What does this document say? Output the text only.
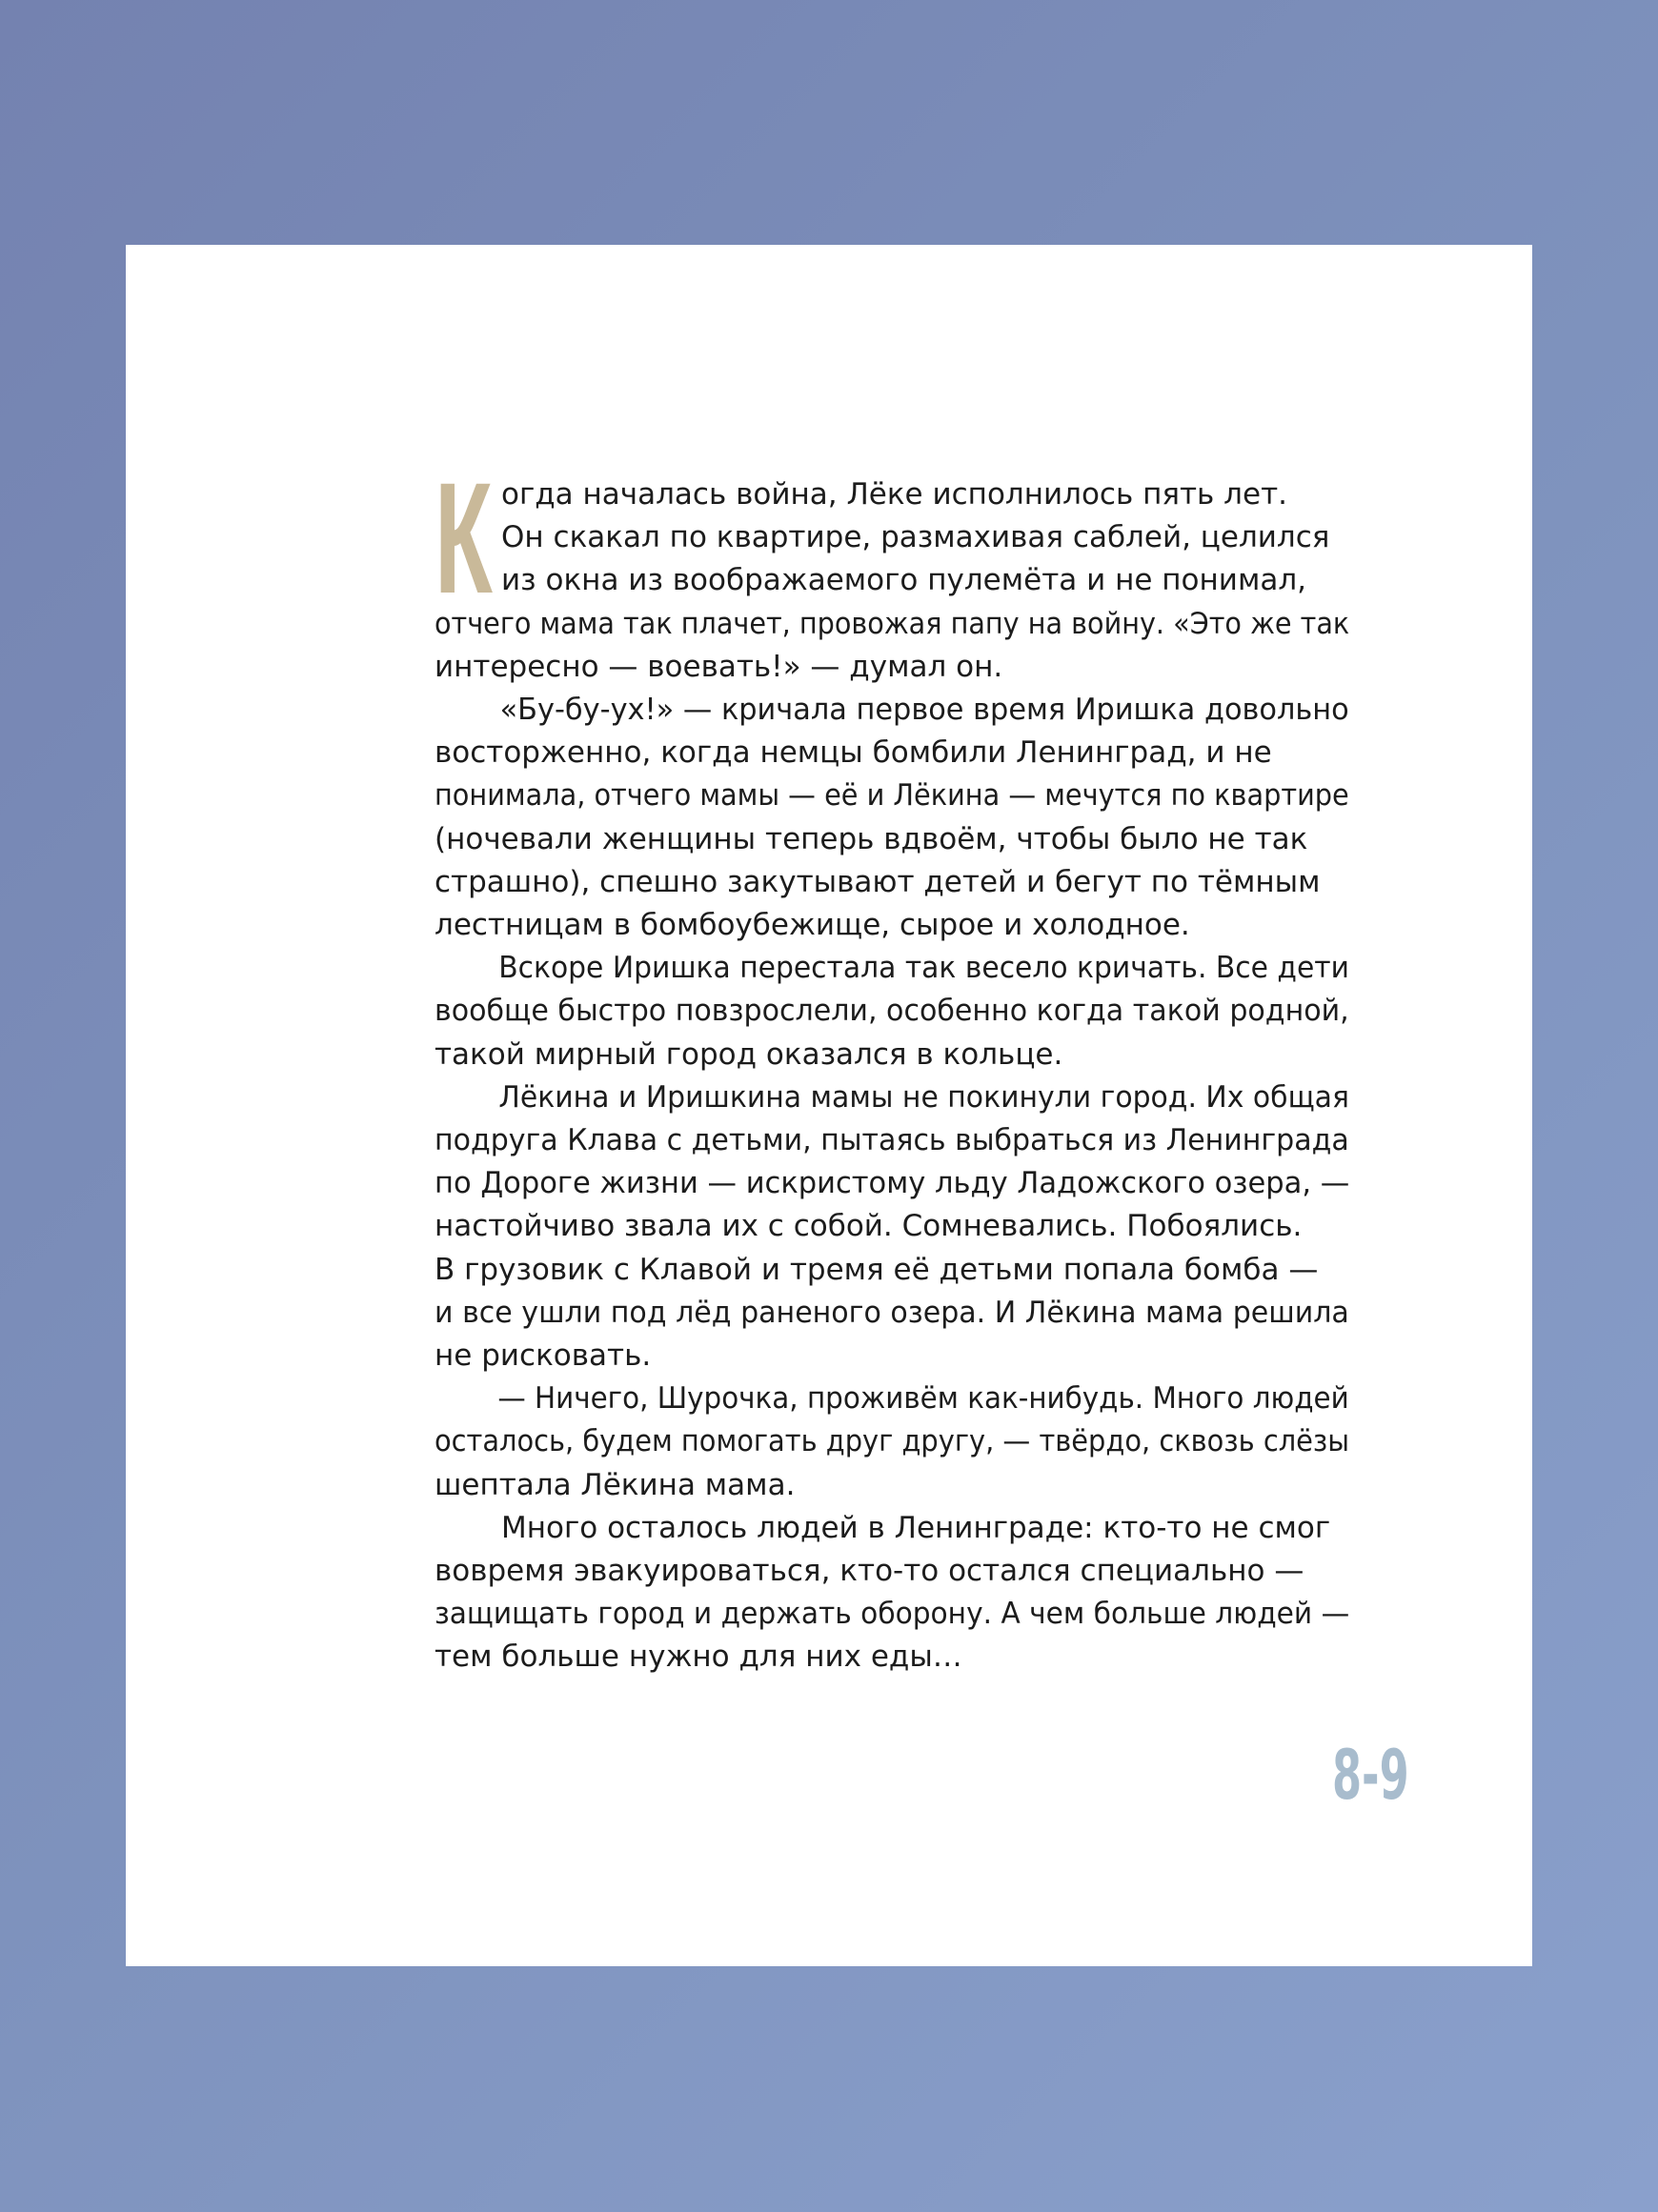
К огда началась война, Лёке исполнилось пять лет.
Он скакал по квартире, размахивая саблей, целился
из окна из воображаемого пулемёта и не понимал,
отчего мама так плачет, провожая папу на войну. «Это же так
интересно — воевать!» — думал он.
«Бу-бу-ух!» — кричала первое время Иришка довольно
восторженно, когда немцы бомбили Ленинград, и не
понимала, отчего мамы — её и Лёкина — мечутся по квартире
(ночевали женщины теперь вдвоём, чтобы было не так
страшно), спешно закутывают детей и бегут по тёмным
лестницам в бомбоубежище, сырое и холодное.
Вскоре Иришка перестала так весело кричать. Все дети
вообще быстро повзрослели, особенно когда такой родной,
такой мирный город оказался в кольце.
Лёкина и Иришкина мамы не покинули город. Их общая
подруга Клава с детьми, пытаясь выбраться из Ленинграда
по Дороге жизни — искристому льду Ладожского озера, —
настойчиво звала их с собой. Сомневались. Побоялись.
В грузовик с Клавой и тремя её детьми попала бомба —
и все ушли под лёд раненого озера. И Лёкина мама решила
не рисковать.
— Ничего, Шурочка, проживём как-нибудь. Много людей
осталось, будем помогать друг другу, — твёрдо, сквозь слёзы
шептала Лёкина мама.
Много осталось людей в Ленинграде: кто-то не смог
вовремя эвакуироваться, кто-то остался специально —
защищать город и держать оборону. А чем больше людей —
тем больше нужно для них еды…
8-9
